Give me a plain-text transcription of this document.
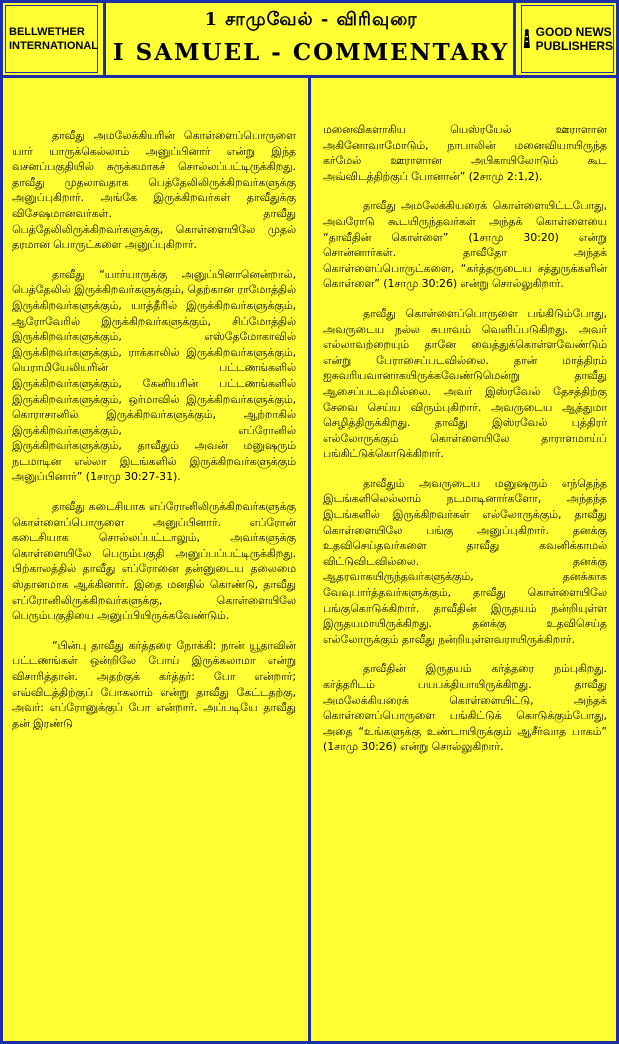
BELLWETHER
INTERNATIONAL
1 சாமுவேல் - விரிவுரை
I SAMUEL - COMMENTARY
GOOD NEWS
PUBLISHERS

தாவீது அமலேக்கியரின் கொள்ளைப்பொருளை யார் யாருக்கெல்லாம் அனுப்பினார் என்று இந்த வசனப்பகுதியில் சுருக்கமாகச் சொல்லப்பட்டிருக்கிறது. தாவீது முதலாவதாக பெத்தேலிலிருக்கிறவர்களுக்கு அனுப்புகிறார். அங்கே இருக்கிறவர்கள் தாவீதுக்கு விசேஷமானவர்கள். தாவீது பெத்தேலிலிருக்கிறவர்களுக்கு, கொள்ளையிலே முதல் தரமான பொருட்களை அனுப்புகிறார்.

தாவீது “யார்யாருக்கு அனுப்பினானென்றால், பெத்தேலில் இருக்கிறவர்களுக்கும், தெற்கான ராமோத்தில் இருக்கிறவர்களுக்கும், யாத்தீரில் இருக்கிறவர்களுக்கும், ஆரோவேரில் இருக்கிறவர்களுக்கும், சிப்மோத்தில் இருக்கிறவர்களுக்கும், எஸ்தேமோகாவில் இருக்கிறவர்களுக்கும், ராக்காலில் இருக்கிறவர்களுக்கும், யெராமியேலியரின் பட்டணங்களில் இருக்கிறவர்களுக்கும், கேனியரின் பட்டணங்களில் இருக்கிறவர்களுக்கும், ஒர்மாவில் இருக்கிறவர்களுக்கும், கொராசானில் இருக்கிறவர்களுக்கும், ஆற்றாகில் இருக்கிறவர்களுக்கும், எப்ரோனில் இருக்கிறவர்களுக்கும், தாவீதும் அவன் மனுஷரும் நடமாடின எல்லா இடங்களில் இருக்கிறவர்களுக்கும் அனுப்பினார்” (1சாமு 30:27-31).

தாவீது கடைசியாக எப்ரோனிலிருக்கிறவர்களுக்கு கொள்ளைப்பொருளை அனுப்பினார். எப்ரோன் கடைசியாக சொல்லப்பட்டாலும், அவர்களுக்கு கொள்ளையிலே பெரும்பகுதி அனுப்பப்பட்டிருக்கிறது. பிற்காலத்தில் தாவீது எப்ரோனை தன்னுடைய தலைமை ஸ்தானமாக ஆக்கினார். இதை மனதில் கொண்டு, தாவீது எப்ரோனிலிருக்கிறவர்களுக்கு, கொள்ளையிலே பெரும்பகுதியை அனுப்பியிருக்கவேண்டும்.

“பின்பு தாவீது கர்த்தரை நோக்கி: நான் யூதாவின் பட்டணங்கள் ஒன்றிலே போய் இருக்கலாமா என்று விசாரித்தான். அதற்குக் கர்த்தர்: போ என்றார்; எவ்விடத்திற்குப் போகலாம் என்று தாவீது கேட்டதற்கு, அவர்: எப்ரோனுக்குப் போ என்றார். அப்படியே தாவீது தன் இரண்டு

மனைவிகளாகிய யெஸ்ரயேல் ஊராளான அகினோவாமோடும், நாபாலின் மனைவியாயிருந்த கர்மேல் ஊராளான அபிகாயிலோடும் கூட அவ்விடத்திற்குப் போனான்” (2சாமு 2:1,2).

தாவீது அமலேக்கியரைக் கொள்ளையிட்டபோது, அவரோடு கூடயிருந்தவர்கள் அந்தக் கொள்ளையை “தாவீதின் கொள்ளை” (1சாமு 30:20) என்று சொன்னார்கள். தாவீதோ அந்தக் கொள்ளைப்பொருட்களை, “கர்த்தருடைய சத்துருக்களின் கொள்ளை” (1சாமு 30:26) என்று சொல்லுகிறார்.

தாவீது கொள்ளைப்பொருளை பங்கிடும்போது, அவருடைய நல்ல சுபாவம் வெளிப்படுகிறது. அவர் எல்லாவற்றையும் தானே வைத்துக்கொள்ளவேண்டும் என்று பேராசைப்படவில்லை. தான் மாத்திரம் ஐசுவரியவானாகயிருக்கவேண்டுமென்று தாவீது ஆசைப்படவுமில்லை. அவர் இஸ்ரவேல் தேசத்திற்கு சேவை செய்ய விரும்புகிறார். அவருடைய ஆத்துமா செழித்திருக்கிறது. தாவீது இஸ்ரவேல் புத்திரர் எல்லோருக்கும் கொள்ளையிலே தாராளமாய்ப் பங்கிட்டுக்கொடுக்கிறார்.

தாவீதும் அவருடைய மனுஷரும் எந்தெந்த இடங்களிலெல்லாம் நடமாடினார்களோ, அந்தந்த இடங்களில் இருக்கிறவர்கள் எல்லோருக்கும், தாவீது கொள்ளையிலே பங்கு அனுப்புகிறார். தனக்கு உதவிசெய்தவர்களை தாவீது கவனிக்காமல் விட்டுவிடவில்லை. தனக்கு ஆதரவாகயிருந்தவர்களுக்கும், தனக்காக வேவுபார்த்தவர்களுக்கும், தாவீது கொள்ளையிலே பங்குகொடுக்கிறார். தாவீதின் இருதயம் நன்றியுள்ள இருதயமாயிருக்கிறது. தனக்கு உதவிசெய்த எல்லோருக்கும் தாவீது நன்றியுள்ளவராயிருக்கிறார்.

தாவீதின் இருதயம் கர்த்தரை நம்புகிறது. கர்த்தரிடம் பயபக்தியாயிருக்கிறது. தாவீது அமலேக்கியரைக் கொள்ளையிட்டு, அந்தக் கொள்ளைப்பொருளை பங்கிட்டுக் கொடுக்கும்போது, அதை “உங்களுக்கு உண்டாயிருக்கும் ஆசீர்வாத பாகம்” (1சாமு 30:26) என்று சொல்லுகிறார்.
